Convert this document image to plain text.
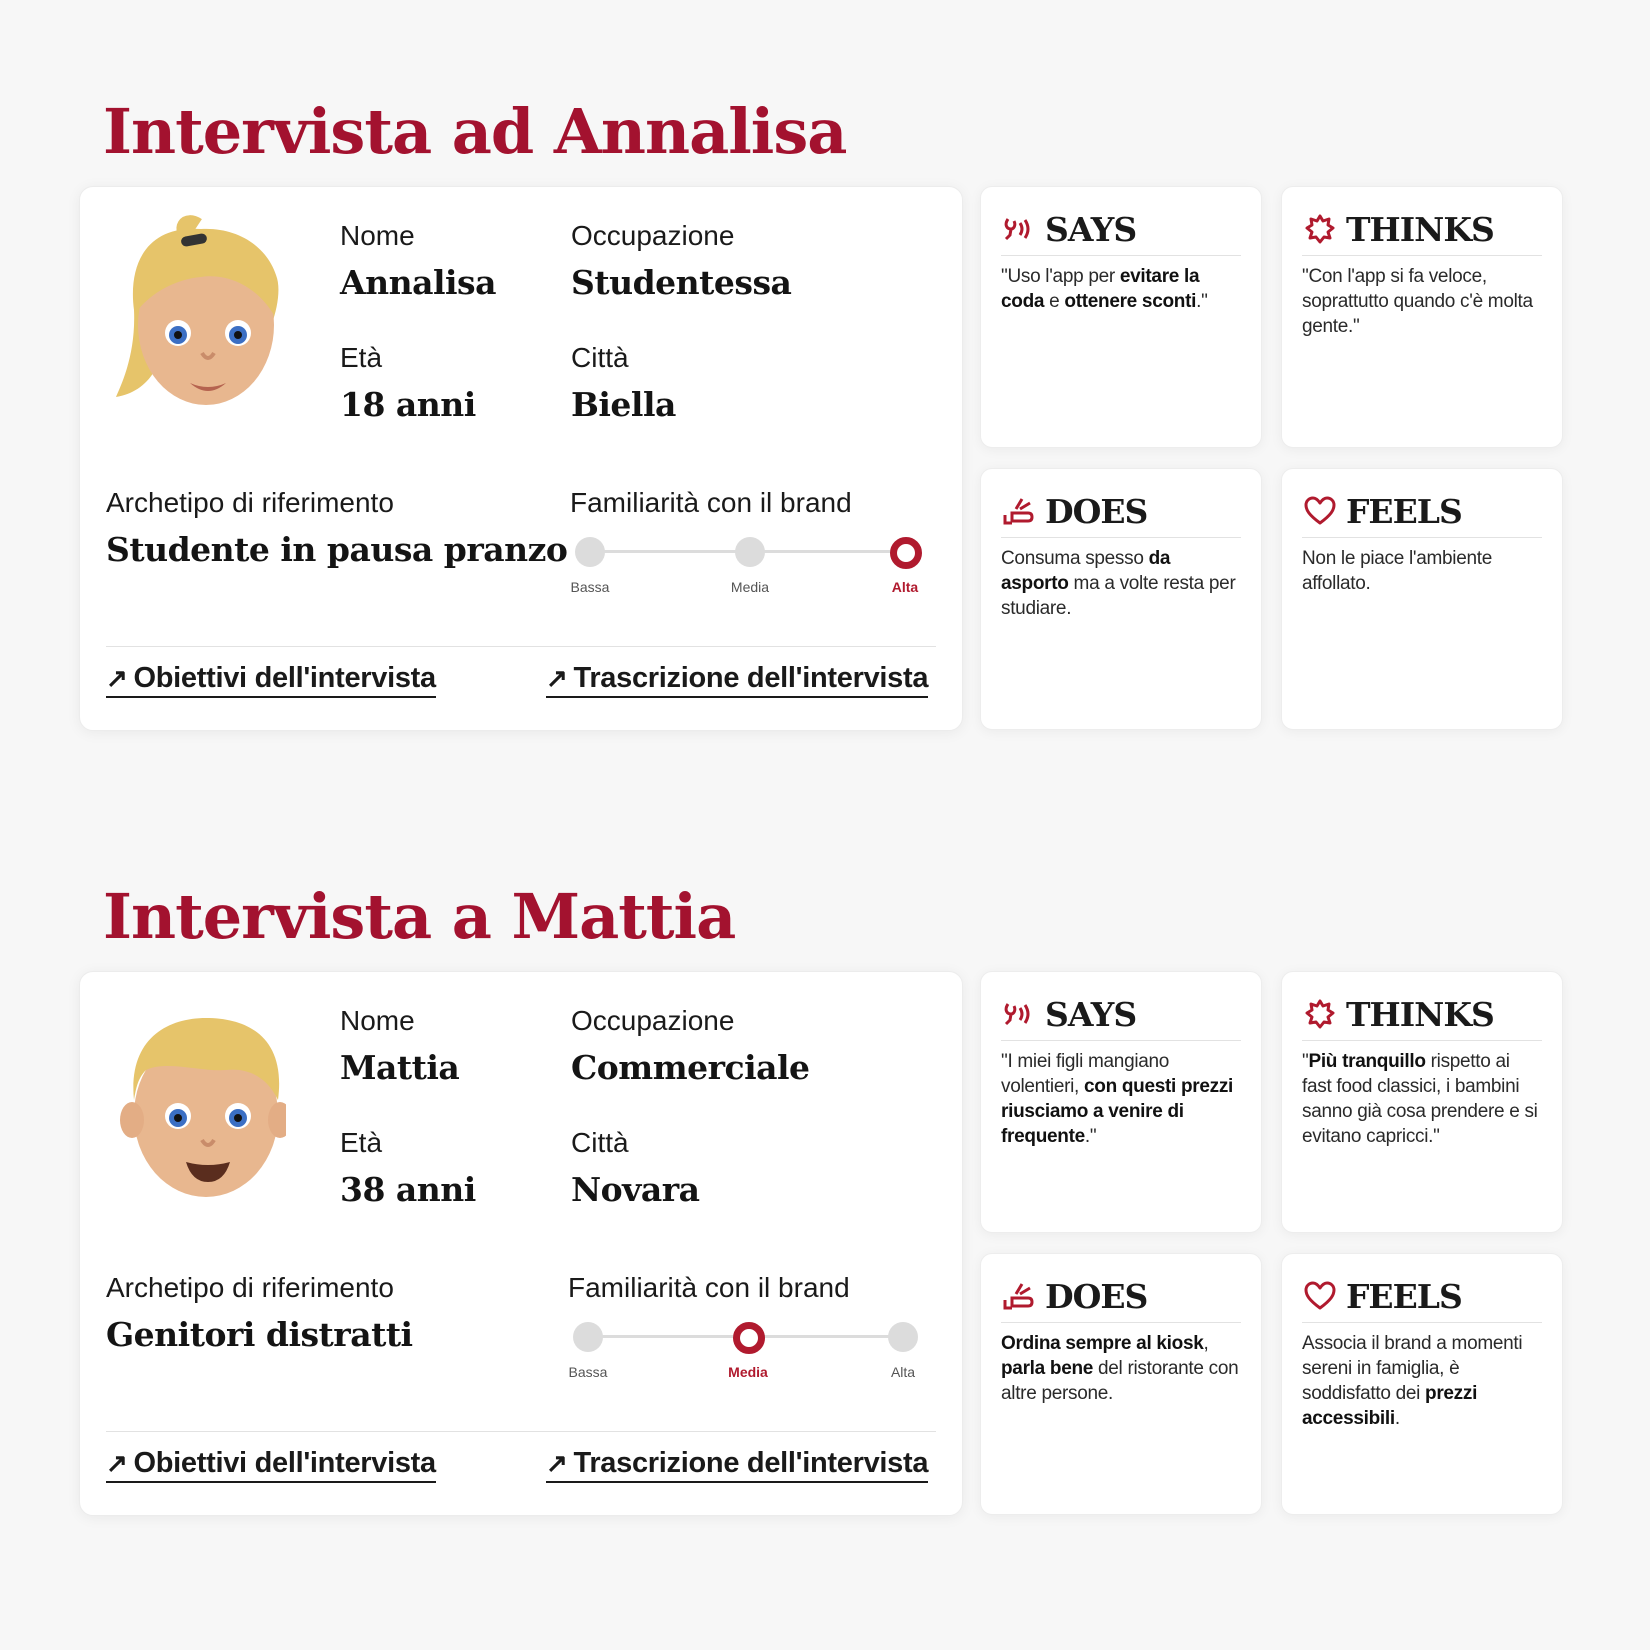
Intervista ad Annalisa
Nome
Annalisa
Occupazione
Studentessa
Età
18 anni
Città
Biella
Archetipo di riferimento
Studente in pausa pranzo
Familiarità con il brand
Bassa	Media	Alta
↗ Obiettivi dell'intervista	↗ Trascrizione dell'intervista
SAYS
"Uso l'app per evitare la coda e ottenere sconti."
THINKS
"Con l'app si fa veloce, soprattutto quando c'è molta gente."
DOES
Consuma spesso da asporto ma a volte resta per studiare.
FEELS
Non le piace l'ambiente affollato.
Intervista a Mattia
Nome
Mattia
Occupazione
Commerciale
Età
38 anni
Città
Novara
Archetipo di riferimento
Genitori distratti
Familiarità con il brand
Bassa	Media	Alta
↗ Obiettivi dell'intervista	↗ Trascrizione dell'intervista
SAYS
"I miei figli mangiano volentieri, con questi prezzi riusciamo a venire di frequente."
THINKS
"Più tranquillo rispetto ai fast food classici, i bambini sanno già cosa prendere e si evitano capricci."
DOES
Ordina sempre al kiosk, parla bene del ristorante con altre persone.
FEELS
Associa il brand a momenti sereni in famiglia, è soddisfatto dei prezzi accessibili.
